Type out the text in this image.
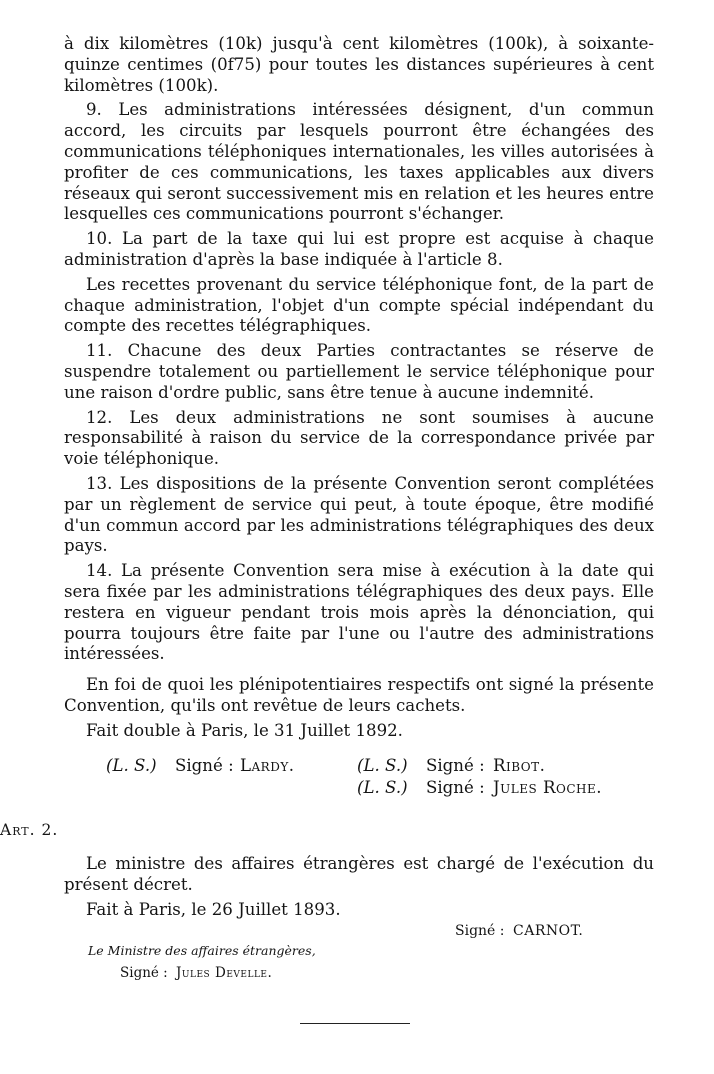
à dix kilomètres (10k) jusqu'à cent kilomètres (100k), à soixante-quinze centimes (0f75) pour toutes les distances supérieures à cent kilomètres (100k).

9. Les administrations intéressées désignent, d'un commun accord, les circuits par lesquels pourront être échangées des communications téléphoniques internationales, les villes autorisées à profiter de ces communications, les taxes applicables aux divers réseaux qui seront successivement mis en relation et les heures entre lesquelles ces communications pourront s'échanger.

10. La part de la taxe qui lui est propre est acquise à chaque administration d'après la base indiquée à l'article 8.

Les recettes provenant du service téléphonique font, de la part de chaque administration, l'objet d'un compte spécial indépendant du compte des recettes télégraphiques.

11. Chacune des deux Parties contractantes se réserve de suspendre totalement ou partiellement le service téléphonique pour une raison d'ordre public, sans être tenue à aucune indemnité.

12. Les deux administrations ne sont soumises à aucune responsabilité à raison du service de la correspondance privée par voie téléphonique.

13. Les dispositions de la présente Convention seront complétées par un règlement de service qui peut, à toute époque, être modifié d'un commun accord par les administrations télégraphiques des deux pays.

14. La présente Convention sera mise à exécution à la date qui sera fixée par les administrations télégraphiques des deux pays. Elle restera en vigueur pendant trois mois après la dénonciation, qui pourra toujours être faite par l'une ou l'autre des administrations intéressées.

En foi de quoi les plénipotentiaires respectifs ont signé la présente Convention, qu'ils ont revêtue de leurs cachets.

Fait double à Paris, le 31 Juillet 1892.

(L. S.) Signé : Lardy.	(L. S.) Signé : Ribot.
(L. S.) Signé : Jules Roche.

Art. 2.

Le ministre des affaires étrangères est chargé de l'exécution du présent décret.

Fait à Paris, le 26 Juillet 1893.

Signé : CARNOT.
Le Ministre des affaires étrangères,
Signé : Jules Develle.
